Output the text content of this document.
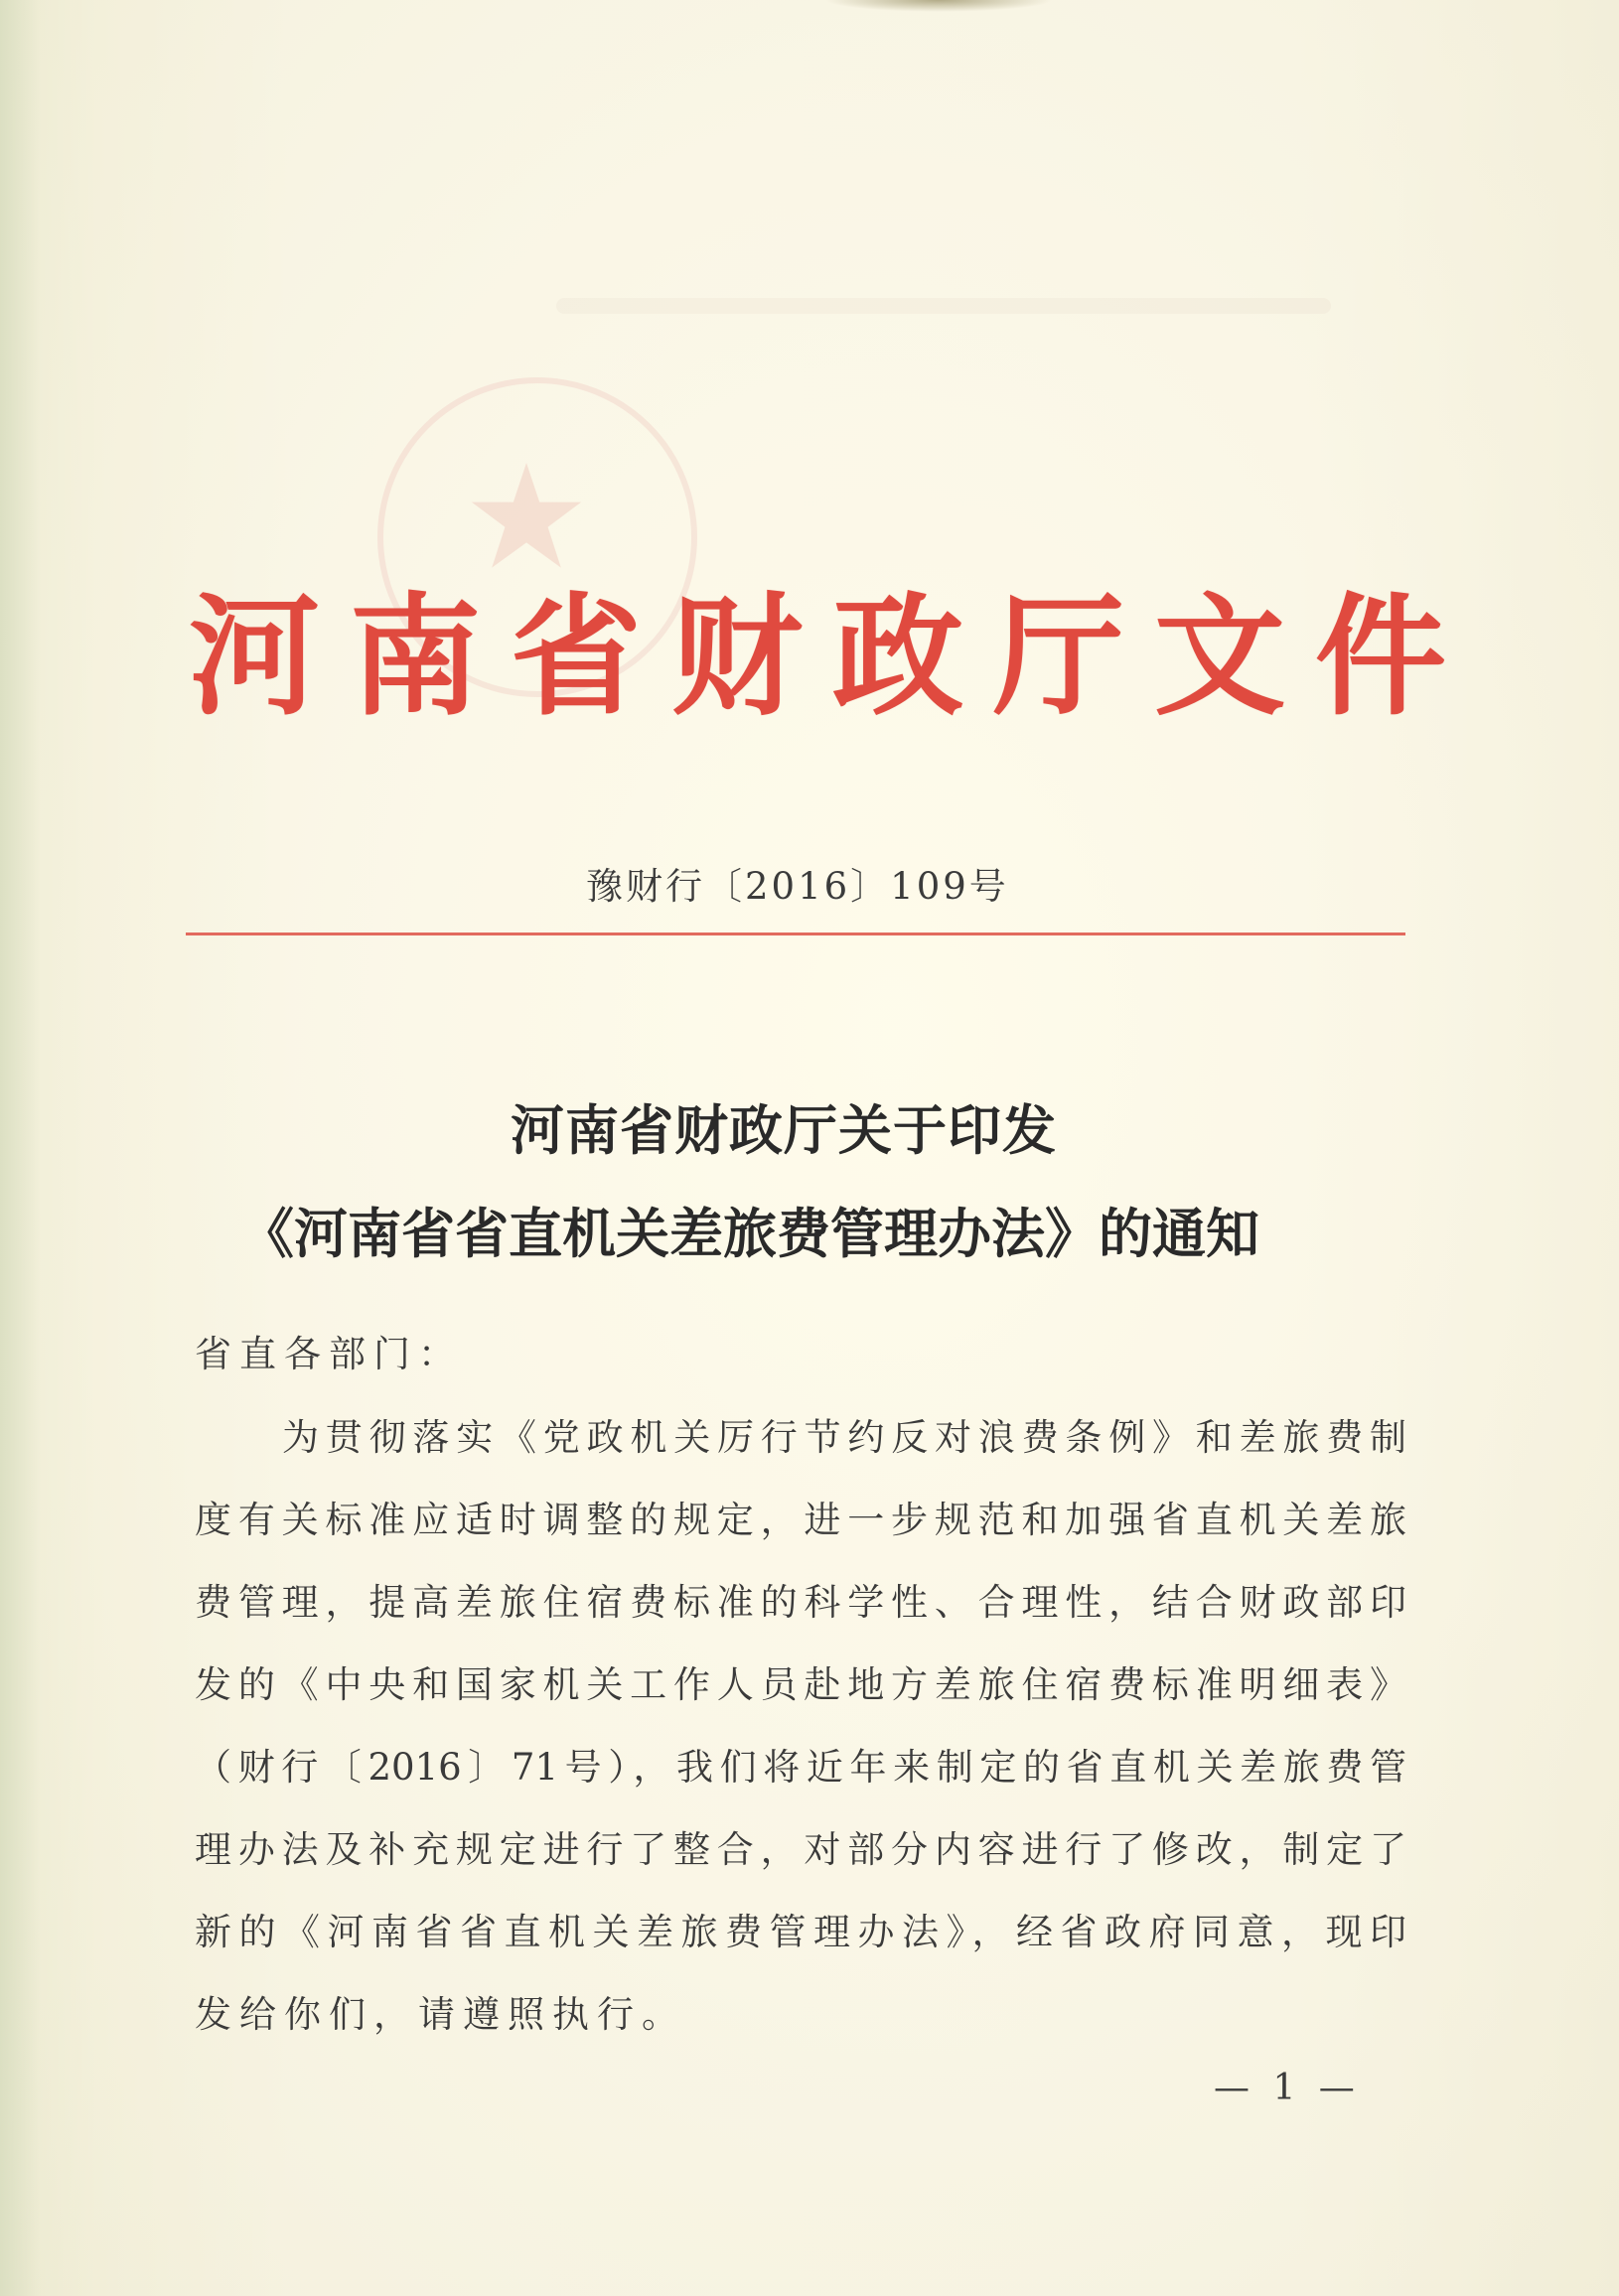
河南省财政厅文件
豫财行〔2016〕109号
河南省财政厅关于印发
《河南省省直机关差旅费管理办法》的通知
省直各部门：
为贯彻落实《党政机关厉行节约反对浪费条例》和差旅费制
度有关标准应适时调整的规定，进一步规范和加强省直机关差旅
费管理，提高差旅住宿费标准的科学性、合理性，结合财政部印
发的《中央和国家机关工作人员赴地方差旅住宿费标准明细表》
（财行〔2016〕71号），我们将近年来制定的省直机关差旅费管
理办法及补充规定进行了整合，对部分内容进行了修改，制定了
新的《河南省省直机关差旅费管理办法》，经省政府同意，现印
发给你们，请遵照执行。
— 1 —
